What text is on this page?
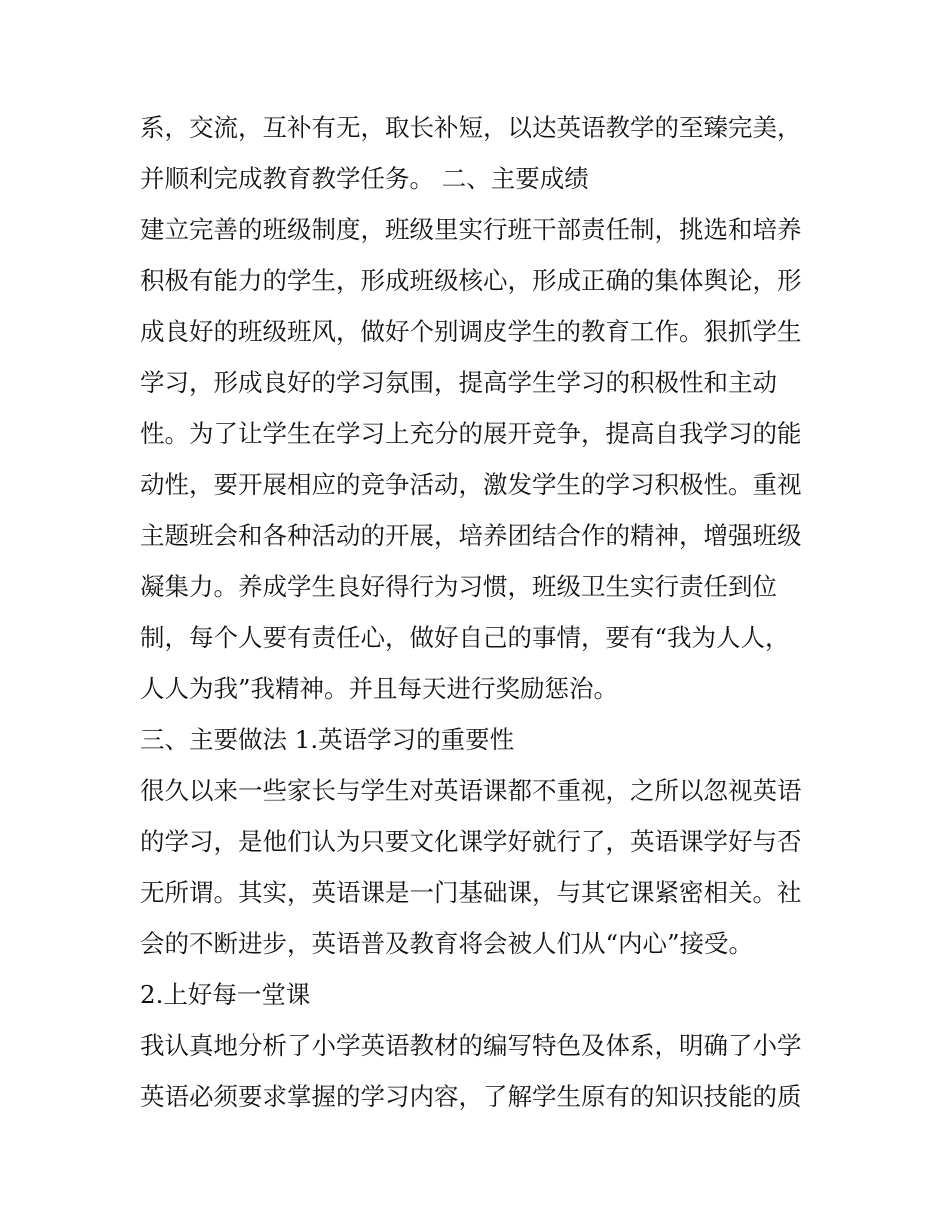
系，交流，互补有无，取长补短，以达英语教学的至臻完美，
并顺利完成教育教学任务。 二、主要成绩
建立完善的班级制度，班级里实行班干部责任制，挑选和培养
积极有能力的学生，形成班级核心，形成正确的集体舆论，形
成良好的班级班风，做好个别调皮学生的教育工作。狠抓学生
学习，形成良好的学习氛围，提高学生学习的积极性和主动
性。为了让学生在学习上充分的展开竞争，提高自我学习的能
动性，要开展相应的竞争活动，激发学生的学习积极性。重视
主题班会和各种活动的开展，培养团结合作的精神，增强班级
凝集力。养成学生良好得行为习惯，班级卫生实行责任到位
制，每个人要有责任心，做好自己的事情，要有“我为人人，
人人为我”我精神。并且每天进行奖励惩治。
三、主要做法 1.英语学习的重要性
很久以来一些家长与学生对英语课都不重视，之所以忽视英语
的学习，是他们认为只要文化课学好就行了，英语课学好与否
无所谓。其实，英语课是一门基础课，与其它课紧密相关。社
会的不断进步，英语普及教育将会被人们从“内心”接受。
2.上好每一堂课
我认真地分析了小学英语教材的编写特色及体系，明确了小学
英语必须要求掌握的学习内容，了解学生原有的知识技能的质
